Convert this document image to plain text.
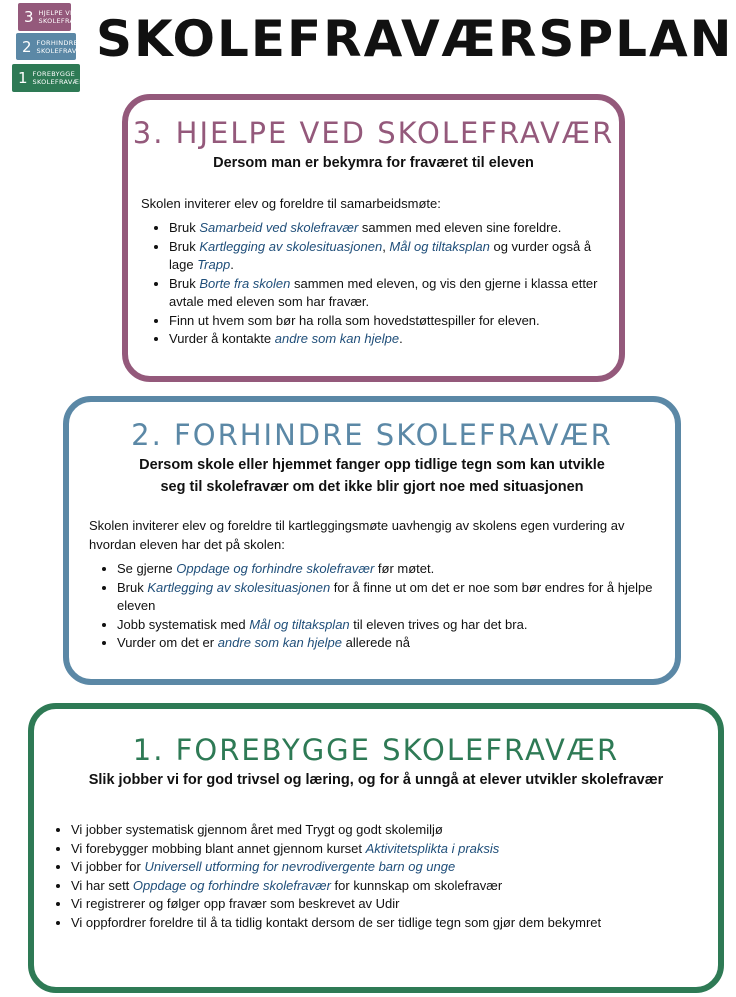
3 HJELPE VED
SKOLEFRAVÆR
2 FORHINDRE
SKOLEFRAVÆR
1 FOREBYGGE
SKOLEFRAVÆR
SKOLEFRAVÆRSPLAN
3. HJELPE VED SKOLEFRAVÆR

Dersom man er bekymra for fraværet til eleven

Skolen inviterer elev og foreldre til samarbeidsmøte:

• Bruk Samarbeid ved skolefravær sammen med eleven sine foreldre.
• Bruk Kartlegging av skolesituasjonen, Mål og tiltaksplan og vurder også å lage Trapp.
• Bruk Borte fra skolen sammen med eleven, og vis den gjerne i klassa etter avtale med eleven som har fravær.
• Finn ut hvem som bør ha rolla som hovedstøttespiller for eleven.
• Vurder å kontakte andre som kan hjelpe.
2. FORHINDRE SKOLEFRAVÆR

Dersom skole eller hjemmet fanger opp tidlige tegn som kan utvikle
seg til skolefravær om det ikke blir gjort noe med situasjonen

Skolen inviterer elev og foreldre til kartleggingsmøte uavhengig av skolens egen vurdering av hvordan eleven har det på skolen:

• Se gjerne Oppdage og forhindre skolefravær før møtet.
• Bruk Kartlegging av skolesituasjonen for å finne ut om det er noe som bør endres for å hjelpe eleven
• Jobb systematisk med Mål og tiltaksplan til eleven trives og har det bra.
• Vurder om det er andre som kan hjelpe allerede nå
1. FOREBYGGE SKOLEFRAVÆR

Slik jobber vi for god trivsel og læring, og for å unngå at elever utvikler skolefravær

• Vi jobber systematisk gjennom året med Trygt og godt skolemiljø
• Vi forebygger mobbing blant annet gjennom kurset Aktivitetsplikta i praksis
• Vi jobber for Universell utforming for nevrodivergente barn og unge
• Vi har sett Oppdage og forhindre skolefravær for kunnskap om skolefravær
• Vi registrerer og følger opp fravær som beskrevet av Udir
• Vi oppfordrer foreldre til å ta tidlig kontakt dersom de ser tidlige tegn som gjør dem bekymret
